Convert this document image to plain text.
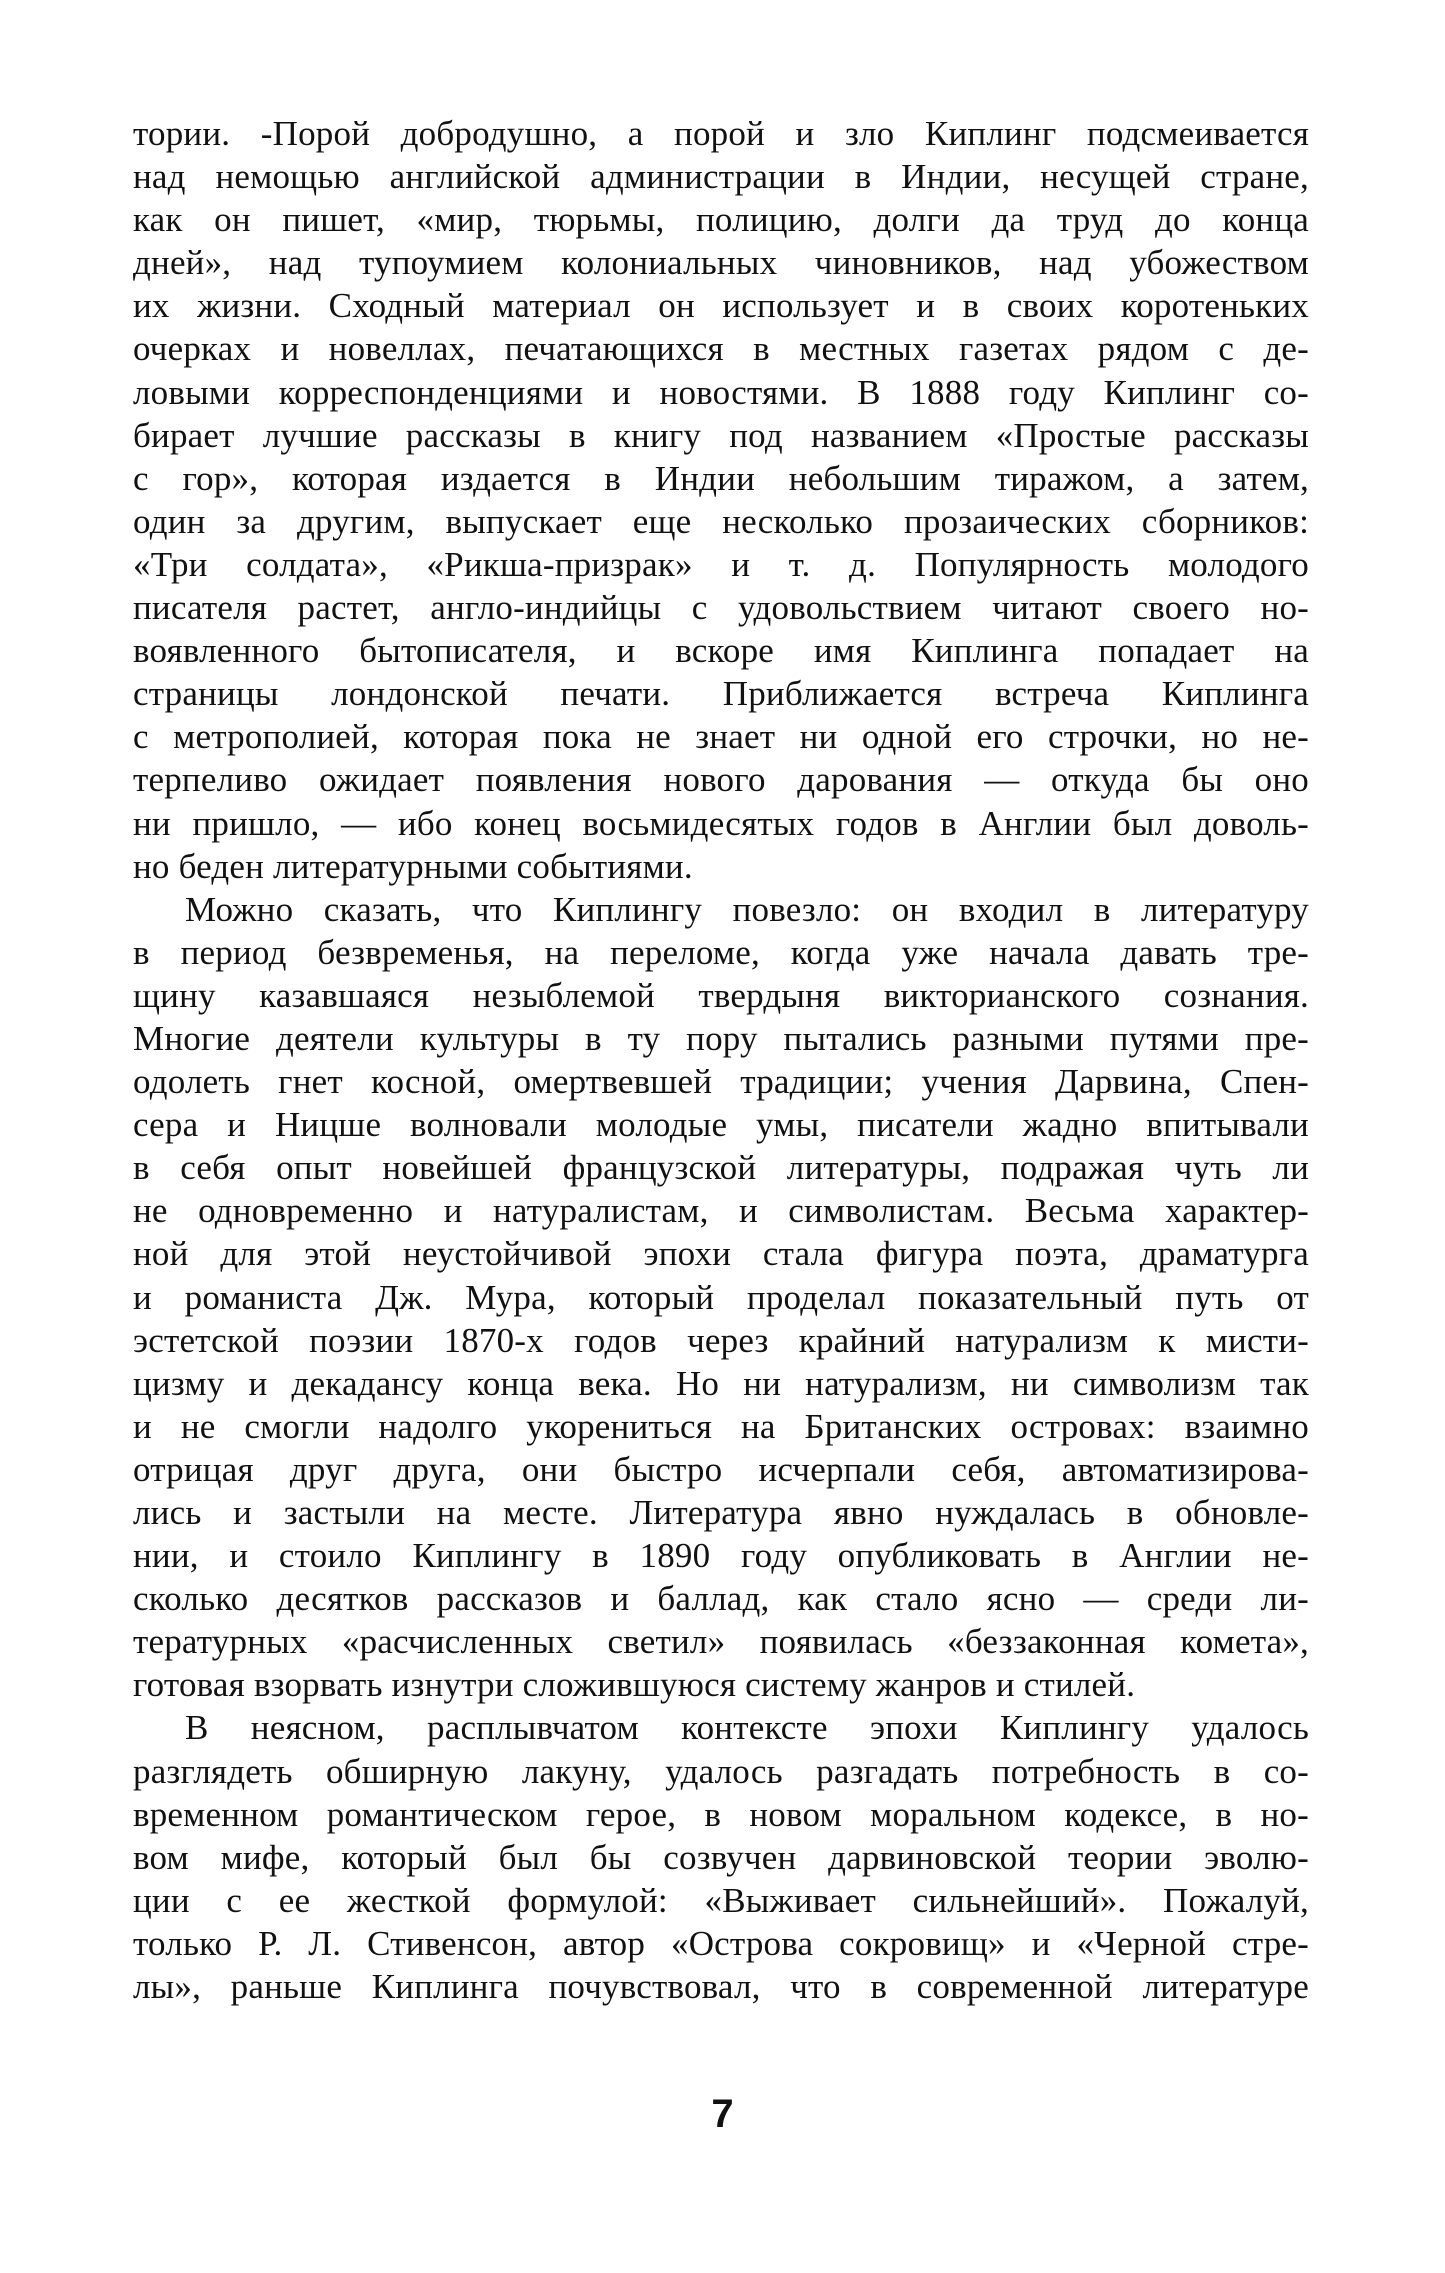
тории. -Порой добродушно, а порой и зло Киплинг подсмеивается
над немощью английской администрации в Индии, несущей стране,
как он пишет, «мир, тюрьмы, полицию, долги да труд до конца
дней», над тупоумием колониальных чиновников, над убожеством
их жизни. Сходный материал он использует и в своих коротеньких
очерках и новеллах, печатающихся в местных газетах рядом с де-
ловыми корреспонденциями и новостями. В 1888 году Киплинг со-
бирает лучшие рассказы в книгу под названием «Простые рассказы
с гор», которая издается в Индии небольшим тиражом, а затем,
один за другим, выпускает еще несколько прозаических сборников:
«Три солдата», «Рикша-призрак» и т. д. Популярность молодого
писателя растет, англо-индийцы с удовольствием читают своего но-
воявленного бытописателя, и вскоре имя Киплинга попадает на
страницы лондонской печати. Приближается встреча Киплинга
с метрополией, которая пока не знает ни одной его строчки, но не-
терпеливо ожидает появления нового дарования — откуда бы оно
ни пришло, — ибо конец восьмидесятых годов в Англии был доволь-
но беден литературными событиями.
Можно сказать, что Киплингу повезло: он входил в литературу
в период безвременья, на переломе, когда уже начала давать тре-
щину казавшаяся незыблемой твердыня викторианского сознания.
Многие деятели культуры в ту пору пытались разными путями пре-
одолеть гнет косной, омертвевшей традиции; учения Дарвина, Спен-
сера и Ницше волновали молодые умы, писатели жадно впитывали
в себя опыт новейшей французской литературы, подражая чуть ли
не одновременно и натуралистам, и символистам. Весьма характер-
ной для этой неустойчивой эпохи стала фигура поэта, драматурга
и романиста Дж. Мура, который проделал показательный путь от
эстетской поэзии 1870-х годов через крайний натурализм к мисти-
цизму и декадансу конца века. Но ни натурализм, ни символизм так
и не смогли надолго укорениться на Британских островах: взаимно
отрицая друг друга, они быстро исчерпали себя, автоматизирова-
лись и застыли на месте. Литература явно нуждалась в обновле-
нии, и стоило Киплингу в 1890 году опубликовать в Англии не-
сколько десятков рассказов и баллад, как стало ясно — среди ли-
тературных «расчисленных светил» появилась «беззаконная комета»,
готовая взорвать изнутри сложившуюся систему жанров и стилей.
В неясном, расплывчатом контексте эпохи Киплингу удалось
разглядеть обширную лакуну, удалось разгадать потребность в со-
временном романтическом герое, в новом моральном кодексе, в но-
вом мифе, который был бы созвучен дарвиновской теории эволю-
ции с ее жесткой формулой: «Выживает сильнейший». Пожалуй,
только Р. Л. Стивенсон, автор «Острова сокровищ» и «Черной стре-
лы», раньше Киплинга почувствовал, что в современной литературе
7
